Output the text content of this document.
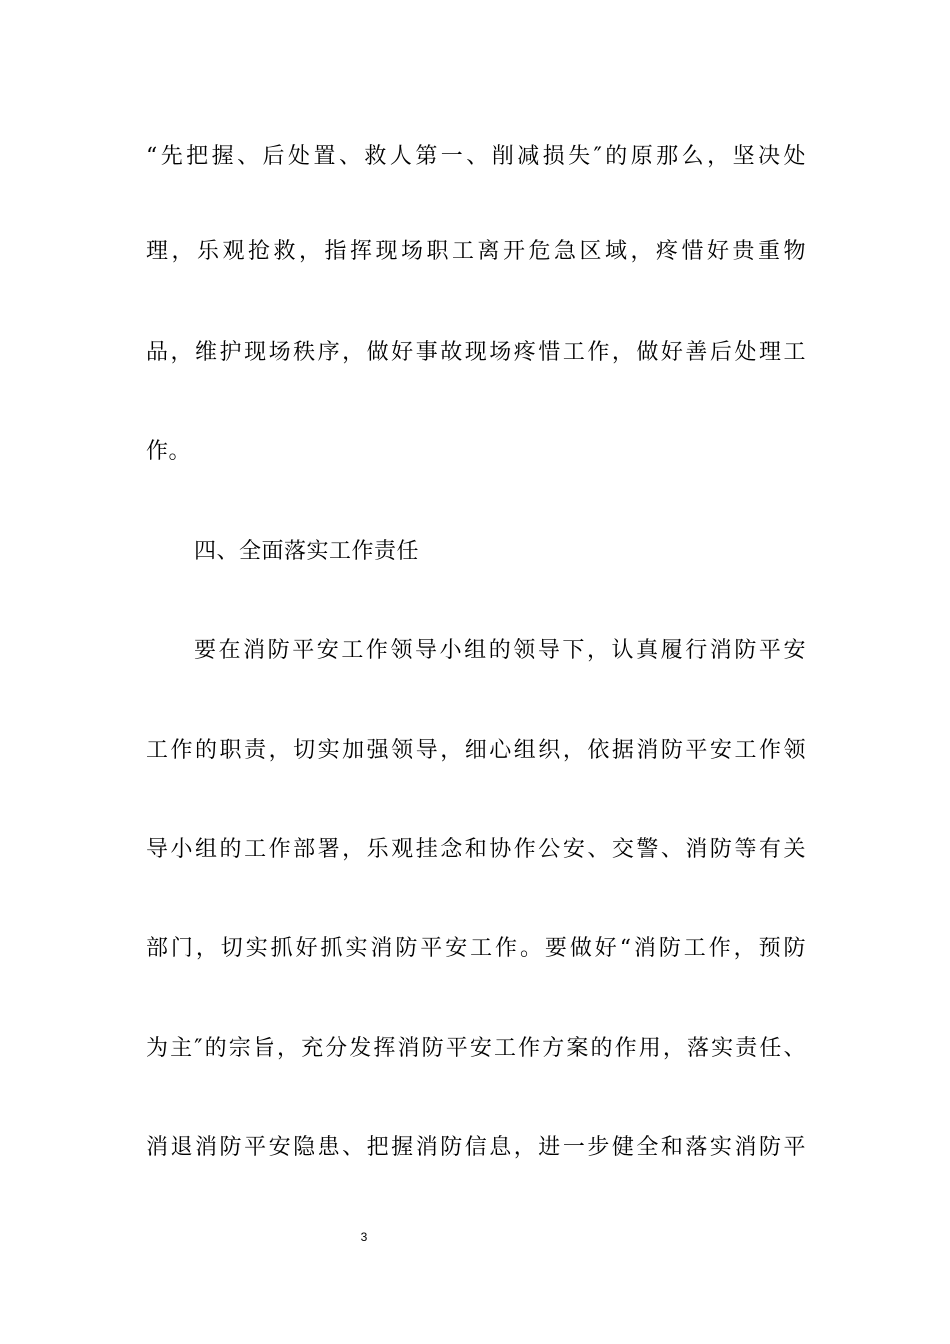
“先把握、后处置、救人第一、削减损失″的原那么，坚决处
理，乐观抢救，指挥现场职工离开危急区域，疼惜好贵重物
品，维护现场秩序，做好事故现场疼惜工作，做好善后处理工
作。
四、全面落实工作责任
要在消防平安工作领导小组的领导下，认真履行消防平安
工作的职责，切实加强领导，细心组织，依据消防平安工作领
导小组的工作部署，乐观挂念和协作公安、交警、消防等有关
部门，切实抓好抓实消防平安工作。要做好“消防工作，预防
为主″的宗旨，充分发挥消防平安工作方案的作用，落实责任、
消退消防平安隐患、把握消防信息，进一步健全和落实消防平
3
